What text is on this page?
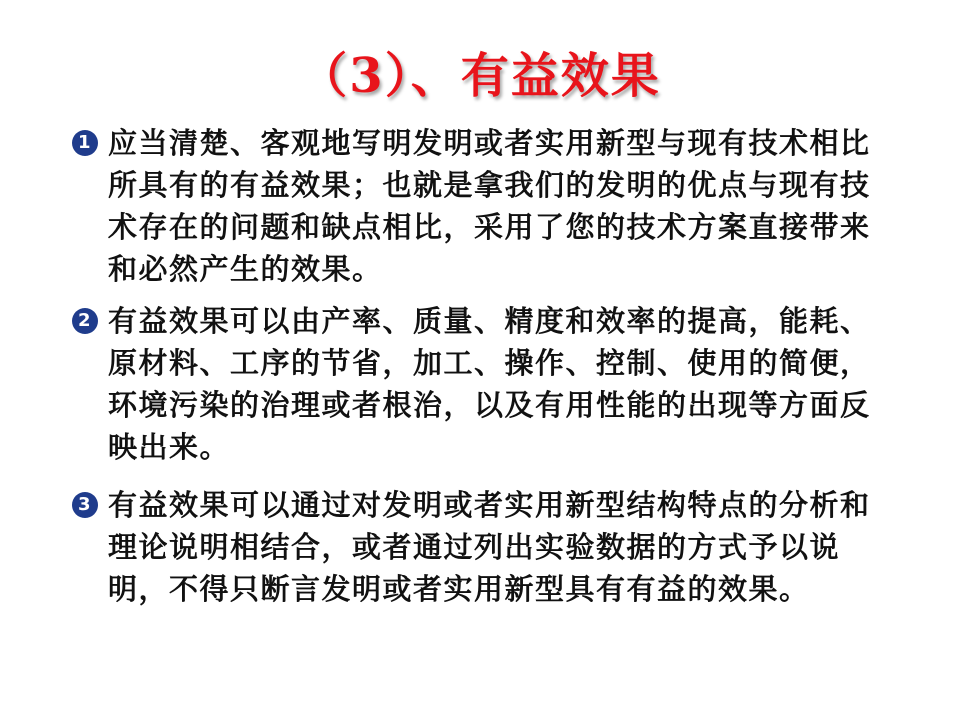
（3）、有益效果
1 应当清楚、客观地写明发明或者实用新型与现有技术相比所具有的有益效果；也就是拿我们的发明的优点与现有技术存在的问题和缺点相比，采用了您的技术方案直接带来和必然产生的效果。
2 有益效果可以由产率、质量、精度和效率的提高，能耗、原材料、工序的节省，加工、操作、控制、使用的简便，环境污染的治理或者根治，以及有用性能的出现等方面反映出来。
3 有益效果可以通过对发明或者实用新型结构特点的分析和理论说明相结合，或者通过列出实验数据的方式予以说明，不得只断言发明或者实用新型具有有益的效果。
